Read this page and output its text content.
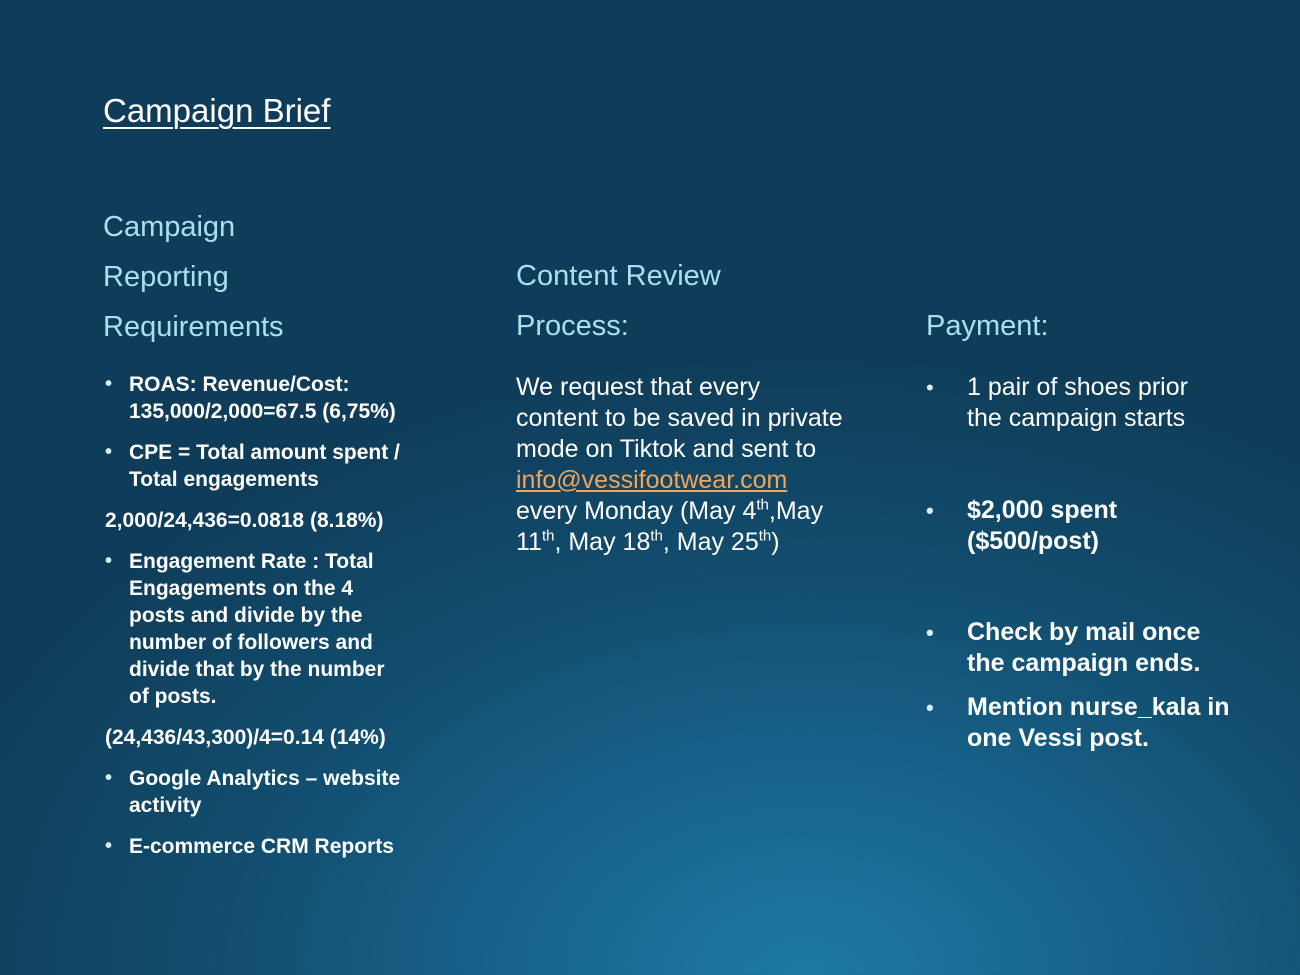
Campaign Brief
Campaign
Reporting
Requirements
Content Review
Process:	Payment:
• ROAS: Revenue/Cost:
135,000/2,000=67.5 (6,75%)
• CPE = Total amount spent /
Total engagements
2,000/24,436=0.0818 (8.18%)
• Engagement Rate : Total
Engagements on the 4
posts and divide by the
number of followers and
divide that by the number
of posts.
(24,436/43,300)/4=0.14 (14%)
• Google Analytics – website
activity
• E-commerce CRM Reports
We request that every
content to be saved in private
mode on Tiktok and sent to
info@vessifootwear.com
every Monday (May 4th,May
11th, May 18th, May 25th)
• 1 pair of shoes prior
the campaign starts
• $2,000 spent
($500/post)
• Check by mail once
the campaign ends.
• Mention nurse_kala in
one Vessi post.
